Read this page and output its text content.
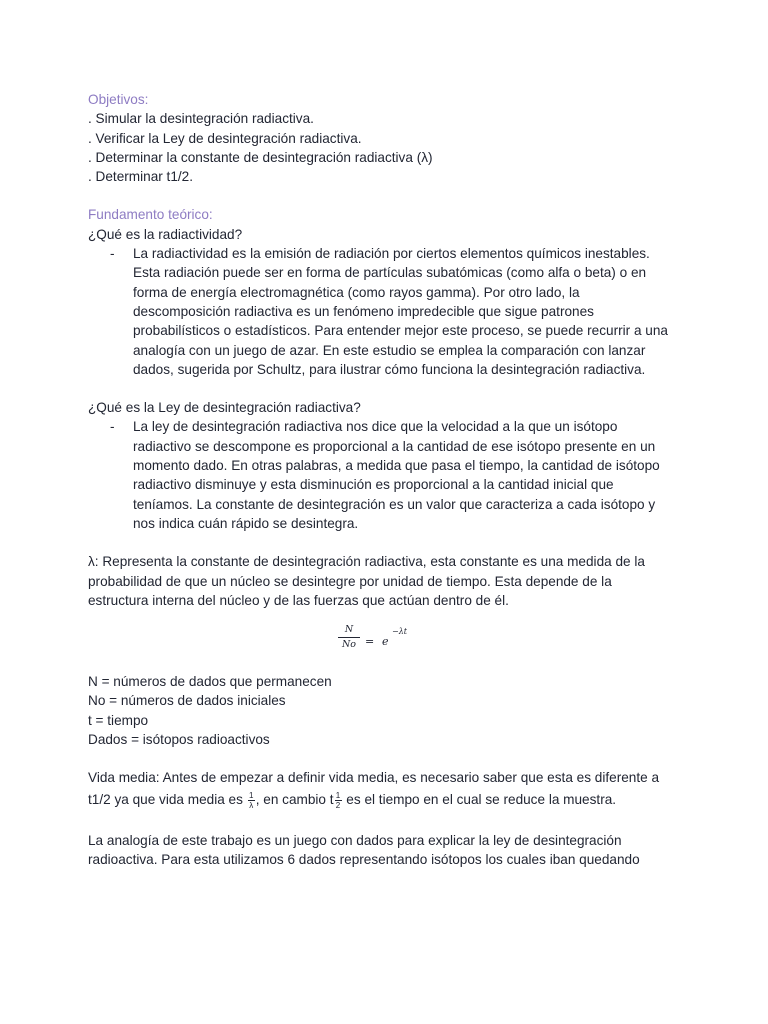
Objetivos:
. Simular la desintegración radiactiva.
. Verificar la Ley de desintegración radiactiva.
. Determinar la constante de desintegración radiactiva (λ)
. Determinar t1/2.
Fundamento teórico:
¿Qué es la radiactividad?
- La radiactividad es la emisión de radiación por ciertos elementos químicos inestables.
Esta radiación puede ser en forma de partículas subatómicas (como alfa o beta) o en
forma de energía electromagnética (como rayos gamma). Por otro lado, la
descomposición radiactiva es un fenómeno impredecible que sigue patrones
probabilísticos o estadísticos. Para entender mejor este proceso, se puede recurrir a una
analogía con un juego de azar. En este estudio se emplea la comparación con lanzar
dados, sugerida por Schultz, para ilustrar cómo funciona la desintegración radiactiva.
¿Qué es la Ley de desintegración radiactiva?
- La ley de desintegración radiactiva nos dice que la velocidad a la que un isótopo
radiactivo se descompone es proporcional a la cantidad de ese isótopo presente en un
momento dado. En otras palabras, a medida que pasa el tiempo, la cantidad de isótopo
radiactivo disminuye y esta disminución es proporcional a la cantidad inicial que
teníamos. La constante de desintegración es un valor que caracteriza a cada isótopo y
nos indica cuán rápido se desintegra.
λ: Representa la constante de desintegración radiactiva, esta constante es una medida de la
probabilidad de que un núcleo se desintegre por unidad de tiempo. Esta depende de la
estructura interna del núcleo y de las fuerzas que actúan dentro de él.
N
No = e
−λt
N = números de dados que permanecen
No = números de dados iniciales
t = tiempo
Dados = isótopos radioactivos
Vida media: Antes de empezar a definir vida media, es necesario saber que esta es diferente a
t1/2 ya que vida media es $\frac{1}{\lambda}$ , en cambio t $\frac{1}{2}$ es el tiempo en el cual se reduce la muestra.
La analogía de este trabajo es un juego con dados para explicar la ley de desintegración
radioactiva. Para esta utilizamos 6 dados representando isótopos los cuales iban quedando
